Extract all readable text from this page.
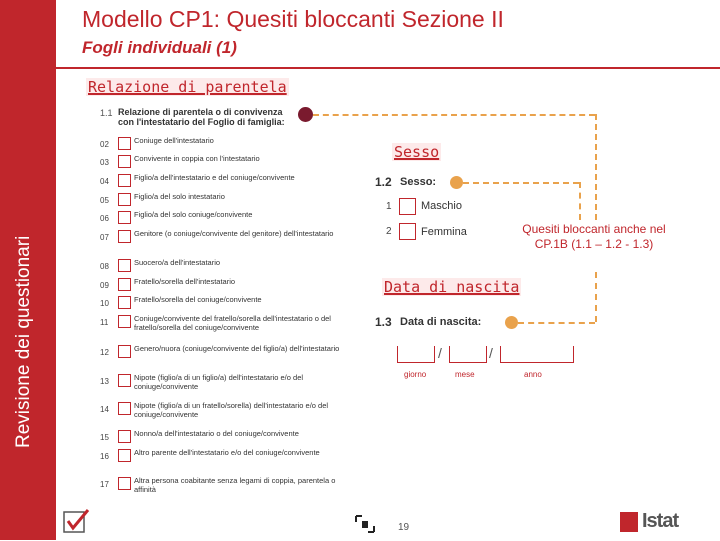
Revisione dei questionari
Modello CP1: Quesiti bloccanti Sezione II
Fogli individuali (1)
Relazione di parentela
Sesso
Data di nascita
1.1 Relazione di parentela o di convivenza con l'intestatario del Foglio di famiglia:
02	Coniuge dell'intestatario
03	Convivente in coppia con l'intestatario
04	Figlio/a dell'intestatario e del coniuge/convivente
05	Figlio/a del solo intestatario
06	Figlio/a del solo coniuge/convivente
07	Genitore (o coniuge/convivente del genitore) dell'intestatario
08	Suocero/a dell'intestatario
09	Fratello/sorella dell'intestatario
10	Fratello/sorella del coniuge/convivente
11	Coniuge/convivente del fratello/sorella dell'intestatario o del fratello/sorella del coniuge/convivente
12	Genero/nuora (coniuge/convivente del figlio/a) dell'intestatario
13	Nipote (figlio/a di un figlio/a) dell'intestatario e/o del coniuge/convivente
14	Nipote (figlio/a di un fratello/sorella) dell'intestatario e/o del coniuge/convivente
15	Nonno/a dell'intestatario o del coniuge/convivente
16	Altro parente dell'intestatario e/o del coniuge/convivente
17	Altra persona coabitante senza legami di coppia, parentela o affinità
1.2 Sesso:
1	Maschio
2	Femmina	Quesiti bloccanti anche nel CP.1B (1.1 – 1.2 - 1.3)
1.3 Data di nascita:
/	/
giorno	mese	anno
19	Istat
